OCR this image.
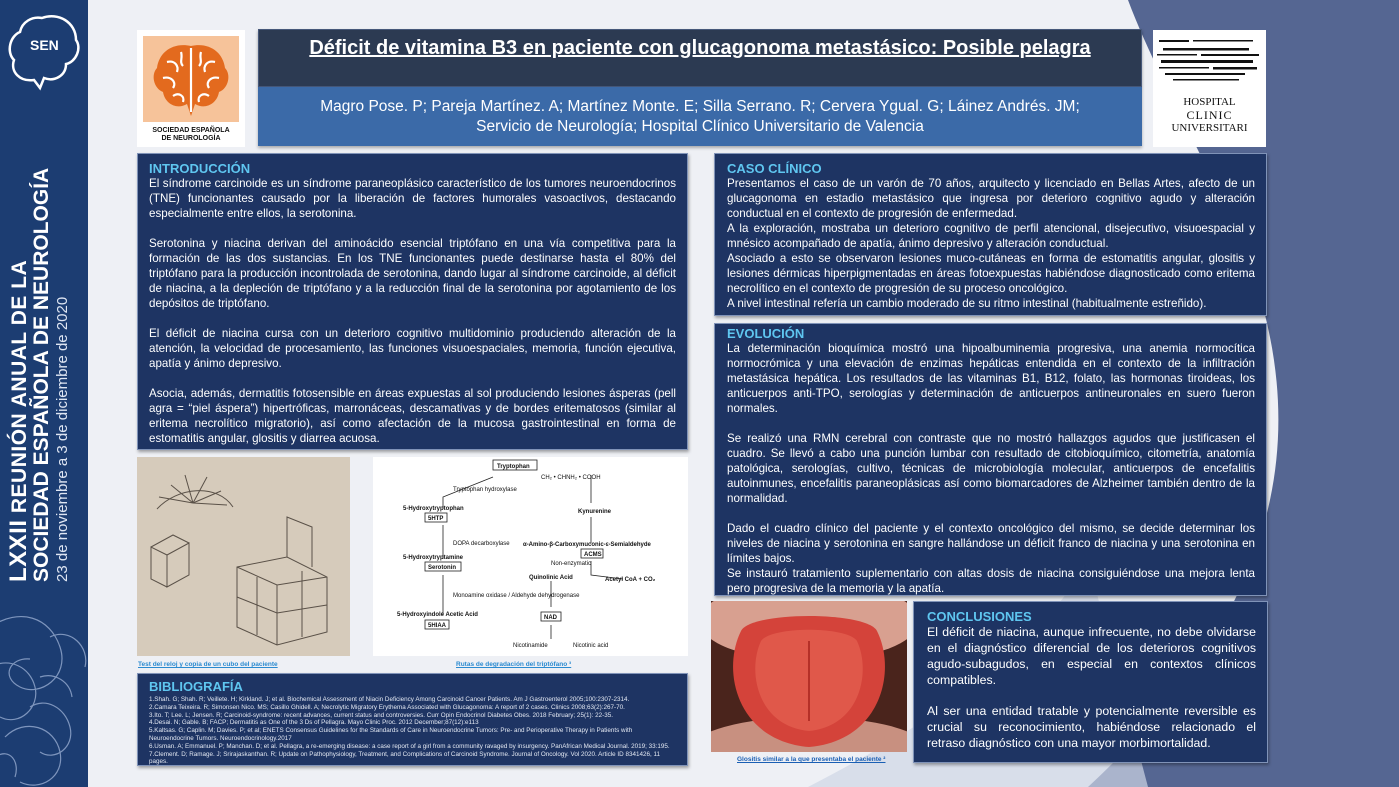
SEN
LXXII REUNIÓN ANUAL DE LA SOCIEDAD ESPAÑOLA DE NEUROLOGÍA 23 de noviembre a 3 de diciembre de 2020
SOCIEDAD ESPAÑOLA
DE NEUROLOGÍA
HOSPITAL
CLINIC
UNIVERSITARI
Déficit de vitamina B3 en paciente con glucagonoma metastásico: Posible pelagra

Magro Pose. P; Pareja Martínez. A; Martínez Monte. E; Silla Serrano. R; Cervera Ygual. G; Láinez Andrés. JM;

Servicio de Neurología; Hospital Clínico Universitario de Valencia

INTRODUCCIÓN

El síndrome carcinoide es un síndrome paraneoplásico característico de los tumores neuroendocrinos (TNE) funcionantes causado por la liberación de factores humorales vasoactivos, destacando especialmente entre ellos, la serotonina.

Serotonina y niacina derivan del aminoácido esencial triptófano en una vía competitiva para la formación de las dos sustancias. En los TNE funcionantes puede destinarse hasta el 80% del triptófano para la producción incontrolada de serotonina, dando lugar al síndrome carcinoide, al déficit de niacina, a la depleción de triptófano y a la reducción final de la serotonina por agotamiento de los depósitos de triptófano.

El déficit de niacina cursa con un deterioro cognitivo multidominio produciendo alteración de la atención, la velocidad de procesamiento, las funciones visuoespaciales, memoria, función ejecutiva, apatía y ánimo depresivo.

Asocia, además, dermatitis fotosensible en áreas expuestas al sol produciendo lesiones ásperas (pell agra = “piel áspera”) hipertróficas, marronáceas, descamativas y de bordes eritematosos (similar al eritema necrolítico migratorio), así como afectación de la mucosa gastrointestinal en forma de estomatitis angular, glositis y diarrea acuosa.

CASO CLÍNICO

Presentamos el caso de un varón de 70 años, arquitecto y licenciado en Bellas Artes, afecto de un glucagonoma en estadio metastásico que ingresa por deterioro cognitivo agudo y alteración conductual en el contexto de progresión de enfermedad.

A la exploración, mostraba un deterioro cognitivo de perfil atencional, disejecutivo, visuoespacial y mnésico acompañado de apatía, ánimo depresivo y alteración conductual.

Asociado a esto se observaron lesiones muco-cutáneas en forma de estomatitis angular, glositis y lesiones dérmicas hiperpigmentadas en áreas fotoexpuestas habiéndose diagnosticado como eritema necrolítico en el contexto de progresión de su proceso oncológico.

A nivel intestinal refería un cambio moderado de su ritmo intestinal (habitualmente estreñido).

EVOLUCIÓN

La determinación bioquímica mostró una hipoalbuminemia progresiva, una anemia normocítica normocrómica y una elevación de enzimas hepáticas entendida en el contexto de la infiltración metastásica hepática. Los resultados de las vitaminas B1, B12, folato, las hormonas tiroideas, los anticuerpos anti-TPO, serologías y determinación de anticuerpos antineuronales en suero fueron normales.

Se realizó una RMN cerebral con contraste que no mostró hallazgos agudos que justificasen el cuadro. Se llevó a cabo una punción lumbar con resultado de citobioquímico, citometría, anatomía patológica, serologías, cultivo, técnicas de microbiología molecular, anticuerpos de encefalitis autoinmunes, encefalitis paraneoplásicas así como biomarcadores de Alzheimer también dentro de la normalidad.

Dado el cuadro clínico del paciente y el contexto oncológico del mismo, se decide determinar los niveles de niacina y serotonina en sangre hallándose un déficit franco de niacina y una serotonina en límites bajos.

Se instauró tratamiento suplementario con altas dosis de niacina consiguiéndose una mejora lenta pero progresiva de la memoria y la apatía.

Test del reloj y copia de un cubo del paciente
Tryptophan
CH₂ • CHNH₂ • COOH
Tryptophan hydroxylase
5-Hydroxytryptophan
5HTP
DOPA decarboxylase
5-Hydroxytryptamine
Serotonin
Monoamine oxidase / Aldehyde dehydrogenase
5-Hydroxyindole Acetic Acid
5HIAA
Kynurenine
α-Amino-β-Carboxymuconic-ε-Semialdehyde
ACMS
Non-enzymatic
Quinolinic Acid	Acetyl CoA + CO₂
NAD
Nicotinamide	Nicotinic acid
Rutas de degradación del triptófano ³
BIBLIOGRAFÍA
1.Shah. G; Shah. R; Veillete. H; Kirkland. J; et al. Biochemical Assessment of Niacin Deficiency Among Carcinoid Cancer Patients. Am J Gastroenterol 2005;100:2307-2314.
2.Camara Teixeira. R; Simonsen Nico. MS; Casillo Ghidell. A; Necrolytic Migratory Erythema Associated with Glucagonoma: A report of 2 cases. Clinics 2008;63(2):267-70.
3.Ito. T; Lee. L; Jensen. R; Carcinoid-syndrome: recent advances, current status and controversies. Curr Opin Endocrinol Diabetes Obes. 2018 February; 25(1): 22-35.
4.Desai. N; Gable. B; FACP; Dermatitis as One of the 3 Ds of Pellagra. Mayo Clinic Proc. 2012 December;87(12):e113
5.Kaltsas. G; Caplin. M; Davies. P; et al; ENETS Consensus Guidelines for the Standards of Care in Neuroendocrine Tumors: Pre- and Perioperative Therapy in Patients with Neuroendocrine Tumors. Neuroendocrinology.2017
6.Usman. A; Emmanuel. P; Manchan. D; et al. Pellagra, a re-emerging disease: a case report of a girl from a community ravaged by insurgency. PanAfrican Medical Journal. 2019; 33:195.
7.Clement. D; Ramage. J; Srirajaskanthan. R; Update on Pathophysiology, Treatment, and Complications of Carcinoid Syndrome. Journal of Oncology. Vol 2020. Article ID 8341426, 11 pages.	Glositis similar a la que presentaba el paciente ²
CONCLUSIONES

El déficit de niacina, aunque infrecuente, no debe olvidarse en el diagnóstico diferencial de los deterioros cognitivos agudo-subagudos, en especial en contextos clínicos compatibles.

Al ser una entidad tratable y potencialmente reversible es crucial su reconocimiento, habiéndose relacionado el retraso diagnóstico con una mayor morbimortalidad.
